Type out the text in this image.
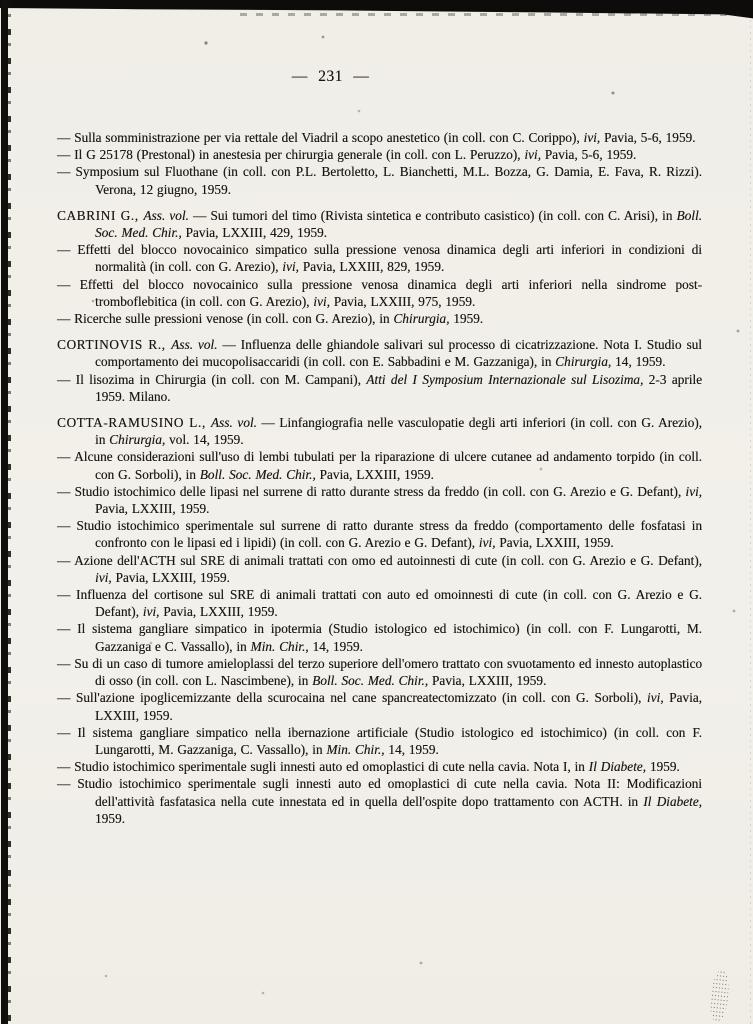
— 231 —

— Sulla somministrazione per via rettale del Viadril a scopo anestetico (in coll. con C. Corippo), ivi, Pavia, 5-6, 1959.

— Il G 25178 (Prestonal) in anestesia per chirurgia generale (in coll. con L. Peruzzo), ivi, Pavia, 5-6, 1959.

— Symposium sul Fluothane (in coll. con P.L. Bertoletto, L. Bianchetti, M.L. Bozza, G. Damia, E. Fava, R. Rizzi). Verona, 12 giugno, 1959.

CABRINI G., Ass. vol. — Sui tumori del timo (Rivista sintetica e contributo casistico) (in coll. con C. Arisi), in Boll. Soc. Med. Chir., Pavia, LXXIII, 429, 1959.

— Effetti del blocco novocainico simpatico sulla pressione venosa dinamica degli arti inferiori in condizioni di normalità (in coll. con G. Arezio), ivi, Pavia, LXXIII, 829, 1959.

— Effetti del blocco novocainico sulla pressione venosa dinamica degli arti inferiori nella sindrome post-tromboflebitica (in coll. con G. Arezio), ivi, Pavia, LXXIII, 975, 1959.

— Ricerche sulle pressioni venose (in coll. con G. Arezio), in Chirurgia, 1959.

CORTINOVIS R., Ass. vol. — Influenza delle ghiandole salivari sul processo di cicatrizzazione. Nota I. Studio sul comportamento dei mucopolisaccaridi (in coll. con E. Sabbadini e M. Gazzaniga), in Chirurgia, 14, 1959.

— Il lisozima in Chirurgia (in coll. con M. Campani), Atti del I Symposium Internazionale sul Lisozima, 2-3 aprile 1959. Milano.

COTTA-RAMUSINO L., Ass. vol. — Linfangiografia nelle vasculopatie degli arti inferiori (in coll. con G. Arezio), in Chirurgia, vol. 14, 1959.

— Alcune considerazioni sull'uso di lembi tubulati per la riparazione di ulcere cutanee ad andamento torpido (in coll. con G. Sorboli), in Boll. Soc. Med. Chir., Pavia, LXXIII, 1959.

— Studio istochimico delle lipasi nel surrene di ratto durante stress da freddo (in coll. con G. Arezio e G. Defant), ivi, Pavia, LXXIII, 1959.

— Studio istochimico sperimentale sul surrene di ratto durante stress da freddo (comportamento delle fosfatasi in confronto con le lipasi ed i lipidi) (in coll. con G. Arezio e G. Defant), ivi, Pavia, LXXIII, 1959.

— Azione dell'ACTH sul SRE di animali trattati con omo ed autoinnesti di cute (in coll. con G. Arezio e G. Defant), ivi, Pavia, LXXIII, 1959.

— Influenza del cortisone sul SRE di animali trattati con auto ed omoinnesti di cute (in coll. con G. Arezio e G. Defant), ivi, Pavia, LXXIII, 1959.

— Il sistema gangliare simpatico in ipotermia (Studio istologico ed istochimico) (in coll. con F. Lungarotti, M. Gazzaniga e C. Vassallo), in Min. Chir., 14, 1959.

— Su di un caso di tumore amieloplassi del terzo superiore dell'omero trattato con svuotamento ed innesto autoplastico di osso (in coll. con L. Nascimbene), in Boll. Soc. Med. Chir., Pavia, LXXIII, 1959.

— Sull'azione ipoglicemizzante della scurocaina nel cane spancreatectomizzato (in coll. con G. Sorboli), ivi, Pavia, LXXIII, 1959.

— Il sistema gangliare simpatico nella ibernazione artificiale (Studio istologico ed istochimico) (in coll. con F. Lungarotti, M. Gazzaniga, C. Vassallo), in Min. Chir., 14, 1959.

— Studio istochimico sperimentale sugli innesti auto ed omoplastici di cute nella cavia. Nota I, in Il Diabete, 1959.

— Studio istochimico sperimentale sugli innesti auto ed omoplastici di cute nella cavia. Nota II: Modificazioni dell'attività fasfatasica nella cute innestata ed in quella dell'ospite dopo trattamento con ACTH. in Il Diabete, 1959.
